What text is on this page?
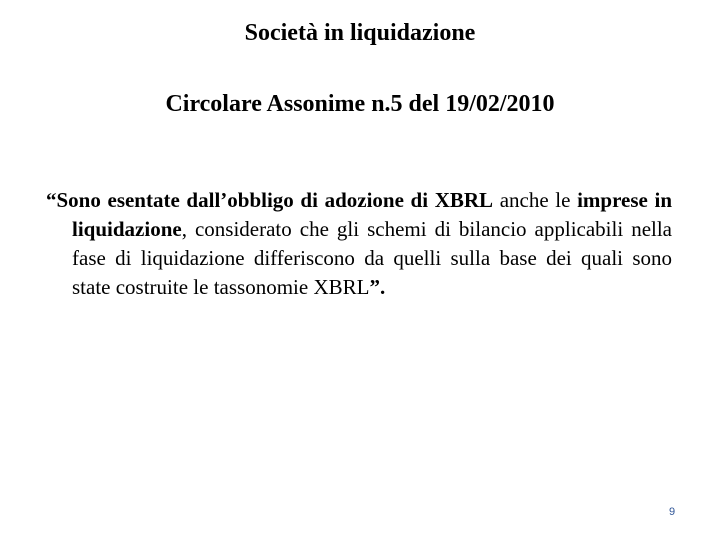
Società in liquidazione
Circolare Assonime n.5 del 19/02/2010
“Sono esentate dall’obbligo di adozione di XBRL anche le imprese in liquidazione, considerato che gli schemi di bilancio applicabili nella fase di liquidazione differiscono da quelli sulla base dei quali sono state costruite le tassonomie XBRL”.
9
